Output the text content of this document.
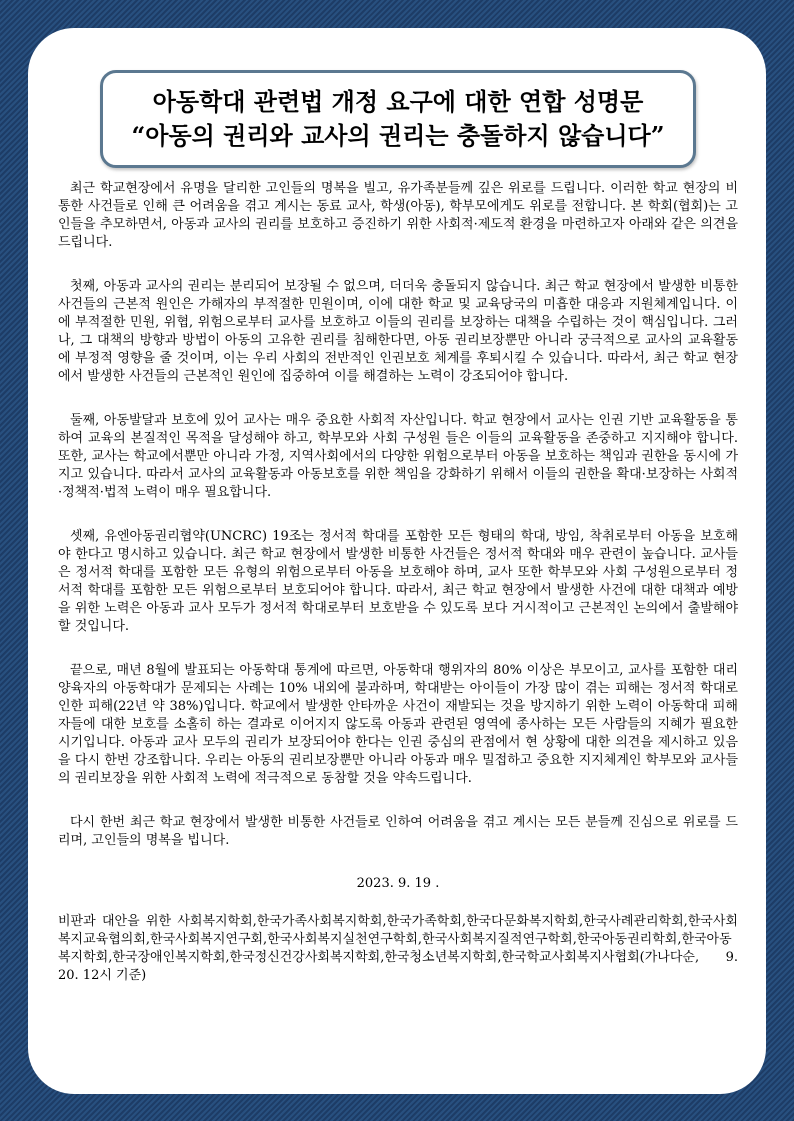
아동학대 관련법 개정 요구에 대한 연합 성명문
“아동의 권리와 교사의 권리는 충돌하지 않습니다”

최근 학교현장에서 유명을 달리한 고인들의 명복을 빌고, 유가족분들께 깊은 위로를 드립니다. 이러한 학교 현장의 비통한 사건들로 인해 큰 어려움을 겪고 계시는 동료 교사, 학생(아동), 학부모에게도 위로를 전합니다. 본 학회(협회)는 고인들을 추모하면서, 아동과 교사의 권리를 보호하고 증진하기 위한 사회적·제도적 환경을 마련하고자 아래와 같은 의견을 드립니다.

첫째, 아동과 교사의 권리는 분리되어 보장될 수 없으며, 더더욱 충돌되지 않습니다. 최근 학교 현장에서 발생한 비통한 사건들의 근본적 원인은 가해자의 부적절한 민원이며, 이에 대한 학교 및 교육당국의 미흡한 대응과 지원체계입니다. 이에 부적절한 민원, 위협, 위험으로부터 교사를 보호하고 이들의 권리를 보장하는 대책을 수립하는 것이 핵심입니다. 그러나, 그 대책의 방향과 방법이 아동의 고유한 권리를 침해한다면, 아동 권리보장뿐만 아니라 궁극적으로 교사의 교육활동에 부정적 영향을 줄 것이며, 이는 우리 사회의 전반적인 인권보호 체계를 후퇴시킬 수 있습니다. 따라서, 최근 학교 현장에서 발생한 사건들의 근본적인 원인에 집중하여 이를 해결하는 노력이 강조되어야 합니다.

둘째, 아동발달과 보호에 있어 교사는 매우 중요한 사회적 자산입니다. 학교 현장에서 교사는 인권 기반 교육활동을 통하여 교육의 본질적인 목적을 달성해야 하고, 학부모와 사회 구성원 들은 이들의 교육활동을 존중하고 지지해야 합니다. 또한, 교사는 학교에서뿐만 아니라 가정, 지역사회에서의 다양한 위험으로부터 아동을 보호하는 책임과 권한을 동시에 가지고 있습니다. 따라서 교사의 교육활동과 아동보호를 위한 책임을 강화하기 위해서 이들의 권한을 확대·보장하는 사회적·정책적·법적 노력이 매우 필요합니다.

셋째, 유엔아동권리협약(UNCRC) 19조는 정서적 학대를 포함한 모든 형태의 학대, 방임, 착취로부터 아동을 보호해야 한다고 명시하고 있습니다. 최근 학교 현장에서 발생한 비통한 사건들은 정서적 학대와 매우 관련이 높습니다. 교사들은 정서적 학대를 포함한 모든 유형의 위험으로부터 아동을 보호해야 하며, 교사 또한 학부모와 사회 구성원으로부터 정서적 학대를 포함한 모든 위험으로부터 보호되어야 합니다. 따라서, 최근 학교 현장에서 발생한 사건에 대한 대책과 예방을 위한 노력은 아동과 교사 모두가 정서적 학대로부터 보호받을 수 있도록 보다 거시적이고 근본적인 논의에서 출발해야 할 것입니다.

끝으로, 매년 8월에 발표되는 아동학대 통계에 따르면, 아동학대 행위자의 80% 이상은 부모이고, 교사를 포함한 대리양육자의 아동학대가 문제되는 사례는 10% 내외에 불과하며, 학대받는 아이들이 가장 많이 겪는 피해는 정서적 학대로 인한 피해(22년 약 38%)입니다. 학교에서 발생한 안타까운 사건이 재발되는 것을 방지하기 위한 노력이 아동학대 피해자들에 대한 보호를 소홀히 하는 결과로 이어지지 않도록 아동과 관련된 영역에 종사하는 모든 사람들의 지혜가 필요한 시기입니다. 아동과 교사 모두의 권리가 보장되어야 한다는 인권 중심의 관점에서 현 상황에 대한 의견을 제시하고 있음을 다시 한번 강조합니다. 우리는 아동의 권리보장뿐만 아니라 아동과 매우 밀접하고 중요한 지지체계인 학부모와 교사들의 권리보장을 위한 사회적 노력에 적극적으로 동참할 것을 약속드립니다.

다시 한번 최근 학교 현장에서 발생한 비통한 사건들로 인하여 어려움을 겪고 계시는 모든 분들께 진심으로 위로를 드리며, 고인들의 명복을 빕니다.

2023. 9. 19 .

비판과 대안을 위한 사회복지학회,한국가족사회복지학회,한국가족학회,한국다문화복지학회,한국사례관리학회,한국사회복지교육협의회,한국사회복지연구회,한국사회복지실천연구학회,한국사회복지질적연구학회,한국아동권리학회,한국아동복지학회,한국장애인복지학회,한국정신건강사회복지학회,한국청소년복지학회,한국학교사회복지사협회(가나다순, 9. 20. 12시 기준)
